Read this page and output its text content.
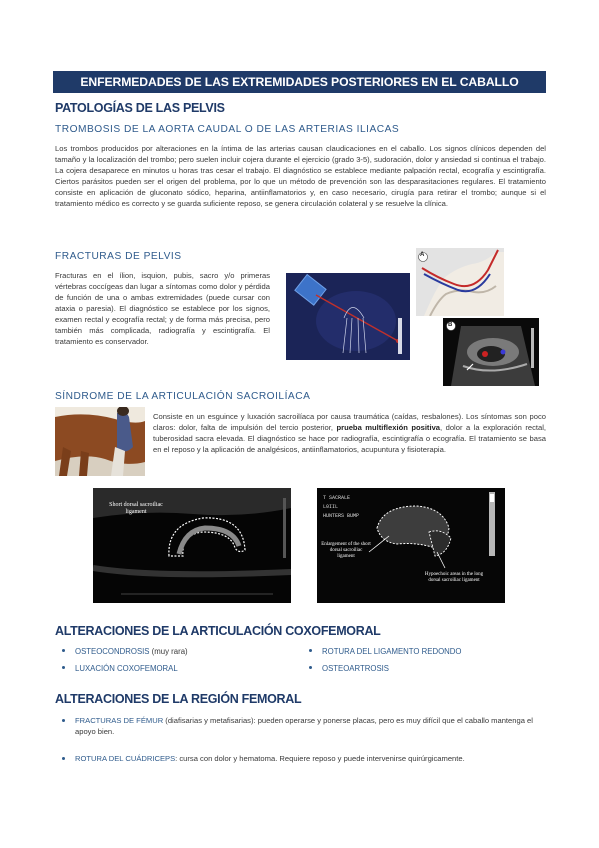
ENFERMEDADES DE LAS EXTREMIDADES POSTERIORES EN EL CABALLO
PATOLOGÍAS DE LAS PELVIS
TROMBOSIS DE LA AORTA CAUDAL O DE LAS ARTERIAS ILIACAS
Los trombos producidos por alteraciones en la íntima de las arterias causan claudicaciones en el caballo. Los signos clínicos dependen del tamaño y la localización del trombo; pero suelen incluir cojera durante el ejercicio (grado 3-5), sudoración, dolor y ansiedad si continua el trabajo. La cojera desaparece en minutos u horas tras cesar el trabajo. El diagnóstico se establece mediante palpación rectal, ecografía y escintigrafía. Ciertos parásitos pueden ser el origen del problema, por lo que un método de prevención son las desparasitaciones regulares. El tratamiento consiste en aplicación de gluconato sódico, heparina, antiinflamatorios y, en caso necesario, cirugía para retirar el trombo; aunque si el tratamiento médico es correcto y se guarda suficiente reposo, se genera circulación colateral y se resuelve la clínica.
FRACTURAS DE PELVIS
Fracturas en el ílion, isquion, pubis, sacro y/o primeras vértebras coccígeas dan lugar a síntomas como dolor y pérdida de función de una o ambas extremidades (puede cursar con ataxia o paresia). El diagnóstico se establece por los signos, examen rectal y ecografía rectal; y de forma más precisa, pero también más complicada, radiografía y escintigrafía. El tratamiento es conservador.
A
B
SÍNDROME DE LA ARTICULACIÓN SACROILÍACA
Consiste en un esguince y luxación sacroilíaca por causa traumática (caídas, resbalones). Los síntomas son poco claros: dolor, falta de impulsión del tercio posterior, prueba multiflexión positiva, dolor a la exploración rectal, tuberosidad sacra elevada. El diagnóstico se hace por radiografía, escintigrafía o ecografía. El tratamiento se basa en el reposo y la aplicación de analgésicos, antiinflamatorios, acupuntura y fisioterapia.
Short dorsal sacroiliac ligament
T SACRALE
L0IIL
HUNTERS BUMP
Enlargement of the short dorsal sacroiliac ligament
Hypoechoic areas in the long dorsal sacroiliac ligament
ALTERACIONES DE LA ARTICULACIÓN COXOFEMORAL
OSTEOCONDROSIS (muy rara)	ROTURA DEL LIGAMENTO REDONDO
LUXACIÓN COXOFEMORAL	OSTEOARTROSIS
ALTERACIONES DE LA REGIÓN FEMORAL
FRACTURAS DE FÉMUR (diafisarias y metafisarias): pueden operarse y ponerse placas, pero es muy difícil que el caballo mantenga el apoyo bien.
ROTURA DEL CUÁDRICEPS: cursa con dolor y hematoma. Requiere reposo y puede intervenirse quirúrgicamente.
